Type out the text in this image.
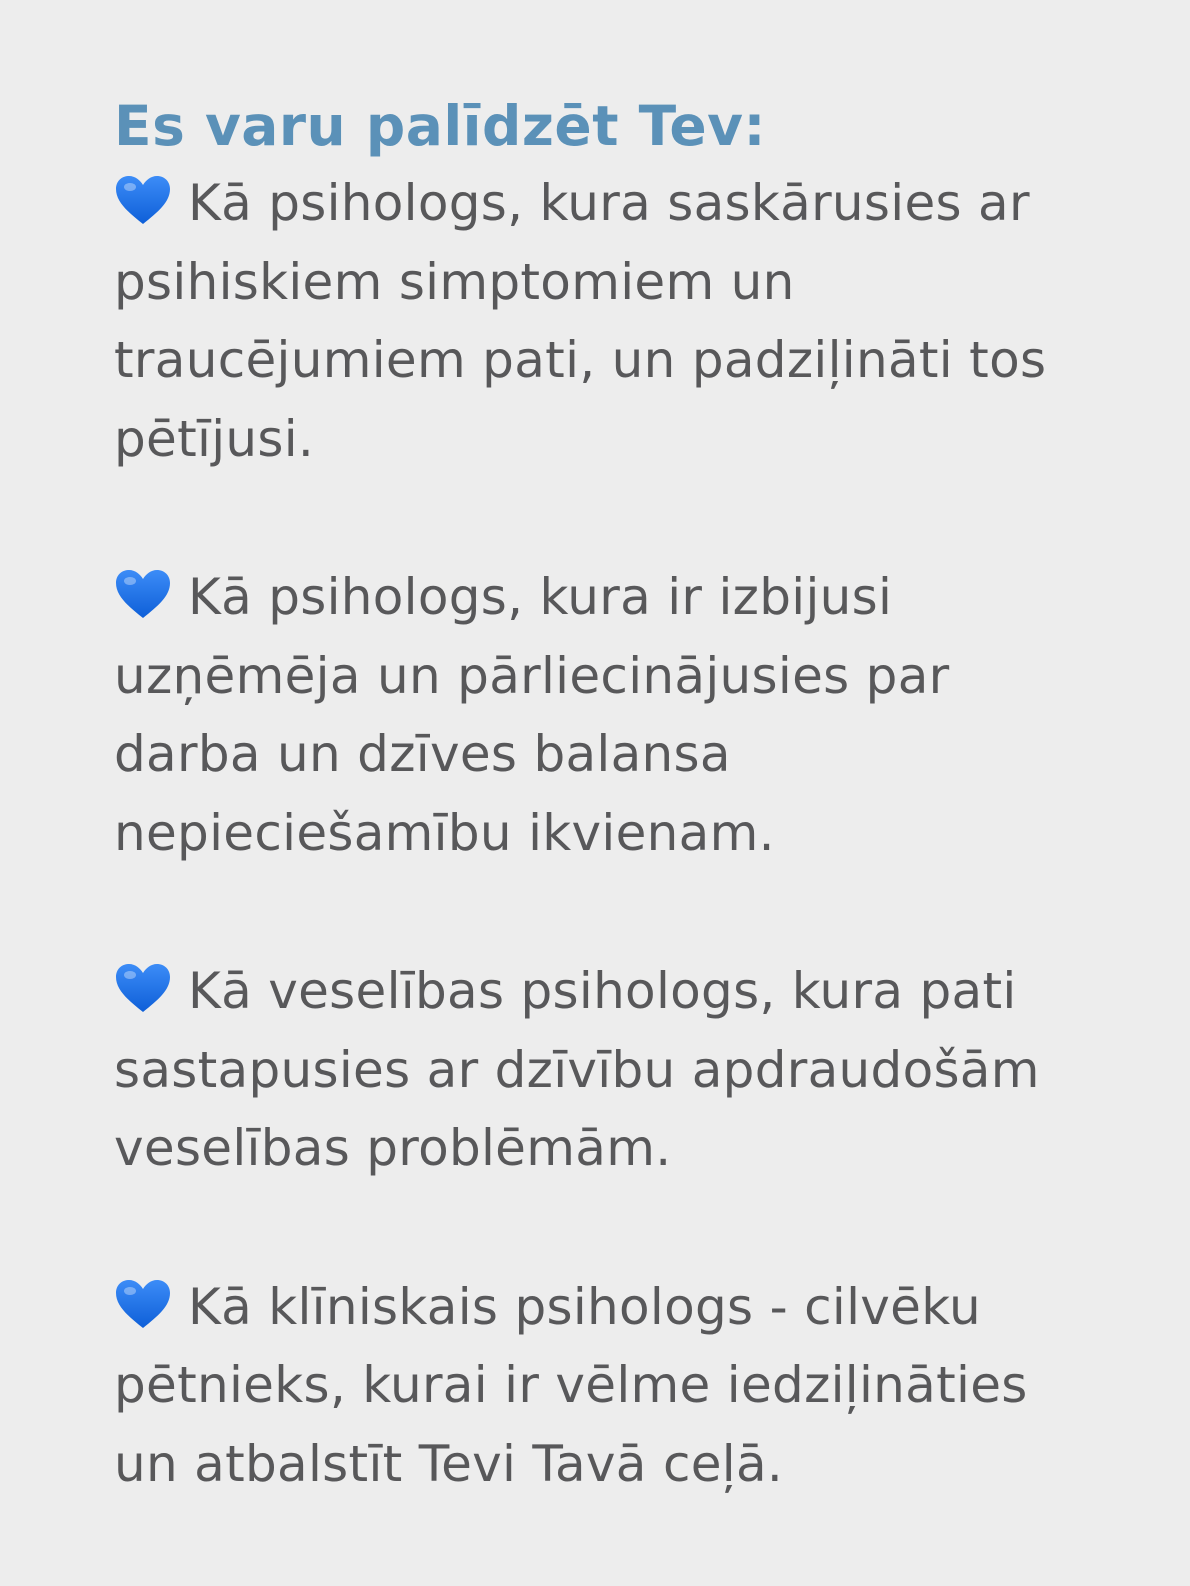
Es varu palīdzēt Tev:

Kā psihologs, kura saskārusies ar psihiskiem simptomiem un traucējumiem pati, un padziļināti tos pētījusi.

Kā psihologs, kura ir izbijusi uzņēmēja un pārliecinājusies par darba un dzīves balansa nepieciešamību ikvienam.

Kā veselības psihologs, kura pati sastapusies ar dzīvību apdraudošām veselības problēmām.

Kā klīniskais psihologs - cilvēku pētnieks, kurai ir vēlme iedziļināties un atbalstīt Tevi Tavā ceļā.
